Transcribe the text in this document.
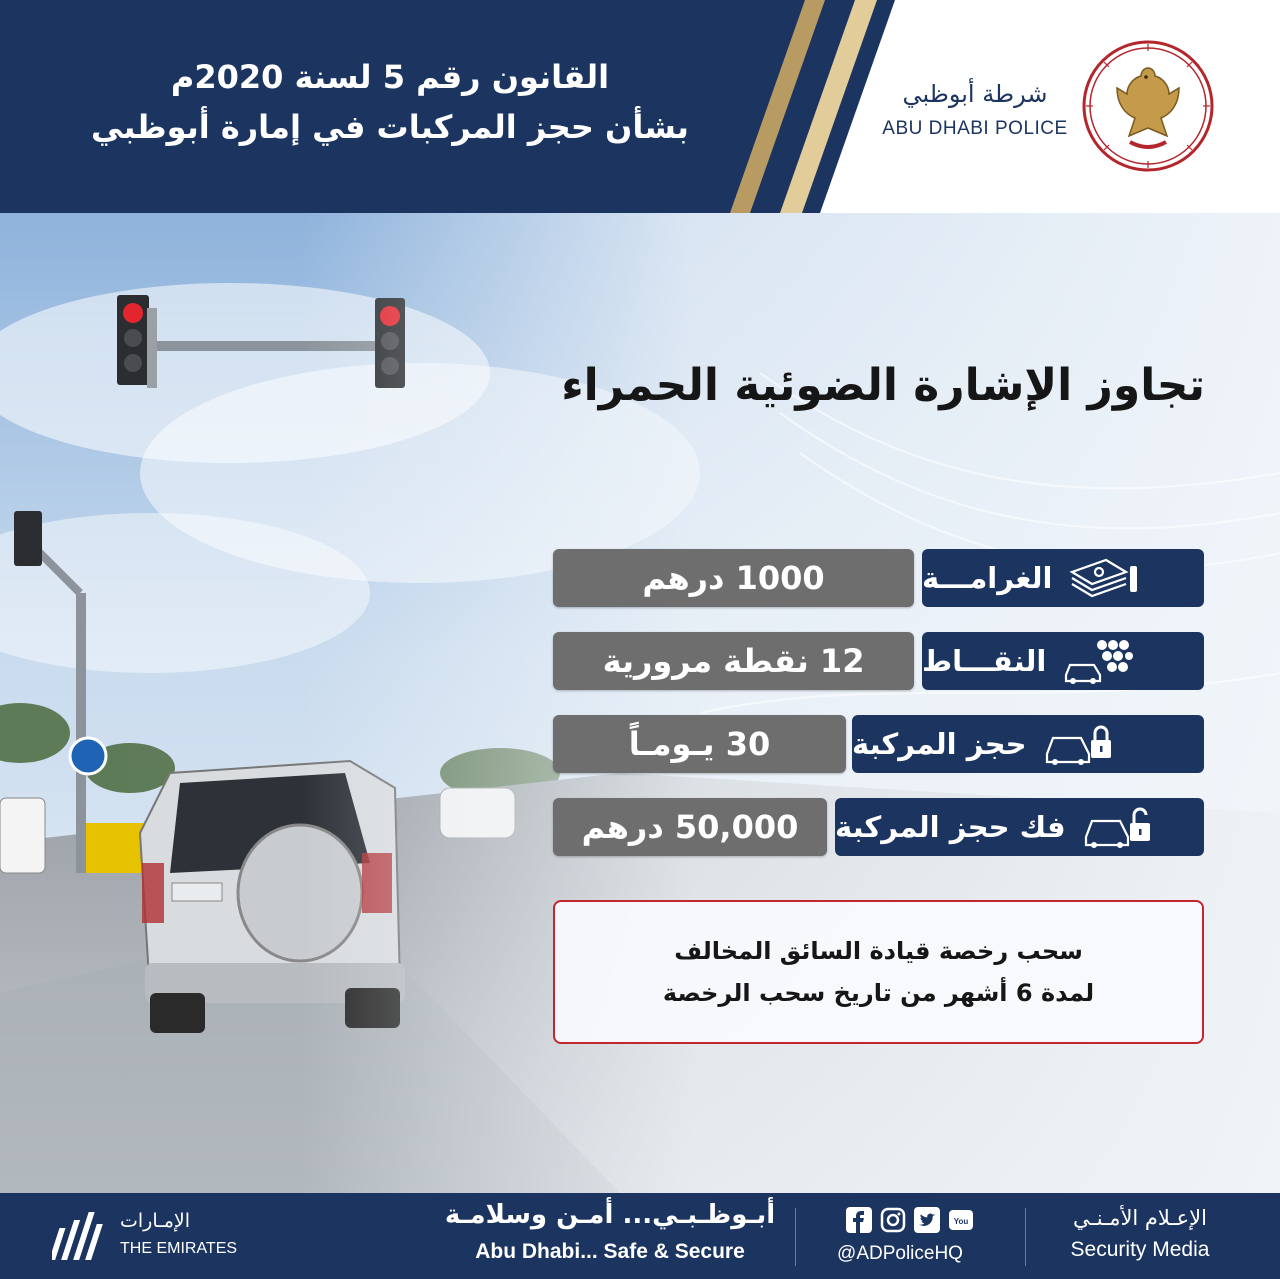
القانون رقم 5 لسنة 2020م
بشأن حجز المركبات في إمارة أبوظبي
شرطة أبوظبي
ABU DHABI POLICE
تجاوز الإشارة الضوئية الحمراء
الغرامـــة
1000 درهم
النقـــاط
12 نقطة مرورية
حجز المركبة
30 يـومـاً
فك حجز المركبة
50,000 درهم
سحب رخصة قيادة السائق المخالف
لمدة 6 أشهر من تاريخ سحب الرخصة
الإمـارات
THE EMIRATES
أبـوظـبـي... أمـن وسلامـة
Abu Dhabi... Safe & Secure
You
@ADPoliceHQ
الإعـلام الأمـنـي
Security Media
